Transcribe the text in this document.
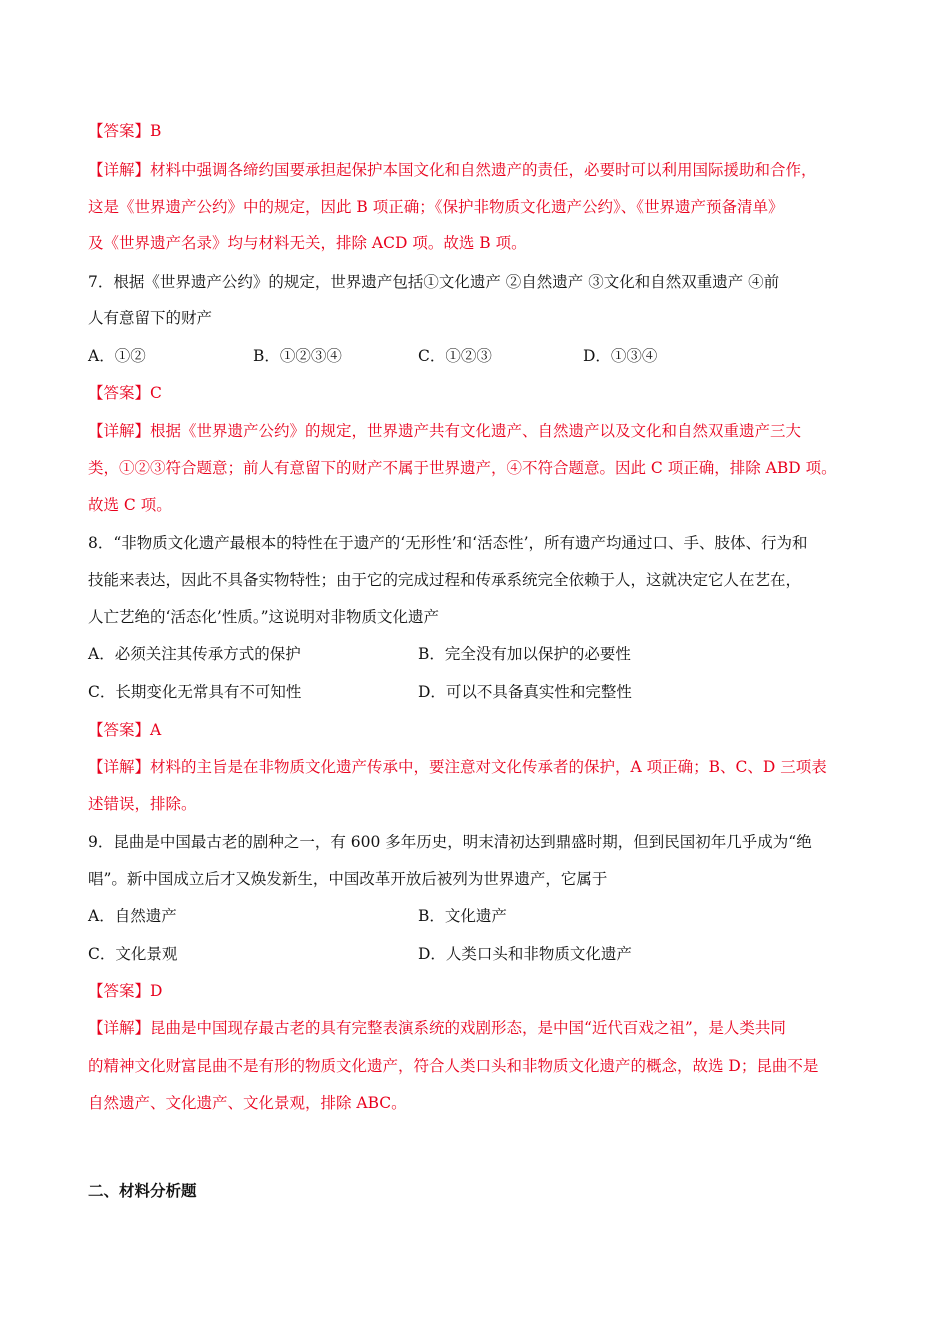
【答案】B
【详解】材料中强调各缔约国要承担起保护本国文化和自然遗产的责任，必要时可以利用国际援助和合作，
这是《世界遗产公约》中的规定，因此 B 项正确；《保护非物质文化遗产公约》、《世界遗产预备清单》
及《世界遗产名录》均与材料无关，排除 ACD 项。故选 B 项。
7．根据《世界遗产公约》的规定，世界遗产包括①文化遗产 ②自然遗产 ③文化和自然双重遗产 ④前
人有意留下的财产
A．①②	B．①②③④	C．①②③	D．①③④
【答案】C
【详解】根据《世界遗产公约》的规定，世界遗产共有文化遗产、自然遗产以及文化和自然双重遗产三大
类，①②③符合题意；前人有意留下的财产不属于世界遗产，④不符合题意。因此 C 项正确，排除 ABD 项。
故选 C 项。
8．“非物质文化遗产最根本的特性在于遗产的‘无形性’和‘活态性’，所有遗产均通过口、手、肢体、行为和
技能来表达，因此不具备实物特性；由于它的完成过程和传承系统完全依赖于人，这就决定它人在艺在，
人亡艺绝的‘活态化’性质。”这说明对非物质文化遗产
A．必须关注其传承方式的保护	B．完全没有加以保护的必要性
C．长期变化无常具有不可知性	D．可以不具备真实性和完整性
【答案】A
【详解】材料的主旨是在非物质文化遗产传承中，要注意对文化传承者的保护，A 项正确；B、C、D 三项表
述错误，排除。
9．昆曲是中国最古老的剧种之一，有 600 多年历史，明末清初达到鼎盛时期，但到民国初年几乎成为“绝
唱”。新中国成立后才又焕发新生，中国改革开放后被列为世界遗产，它属于
A．自然遗产	B．文化遗产
C．文化景观	D．人类口头和非物质文化遗产
【答案】D
【详解】昆曲是中国现存最古老的具有完整表演系统的戏剧形态，是中国“近代百戏之祖”，是人类共同
的精神文化财富昆曲不是有形的物质文化遗产，符合人类口头和非物质文化遗产的概念，故选 D；昆曲不是
自然遗产、文化遗产、文化景观，排除 ABC。
二、材料分析题
